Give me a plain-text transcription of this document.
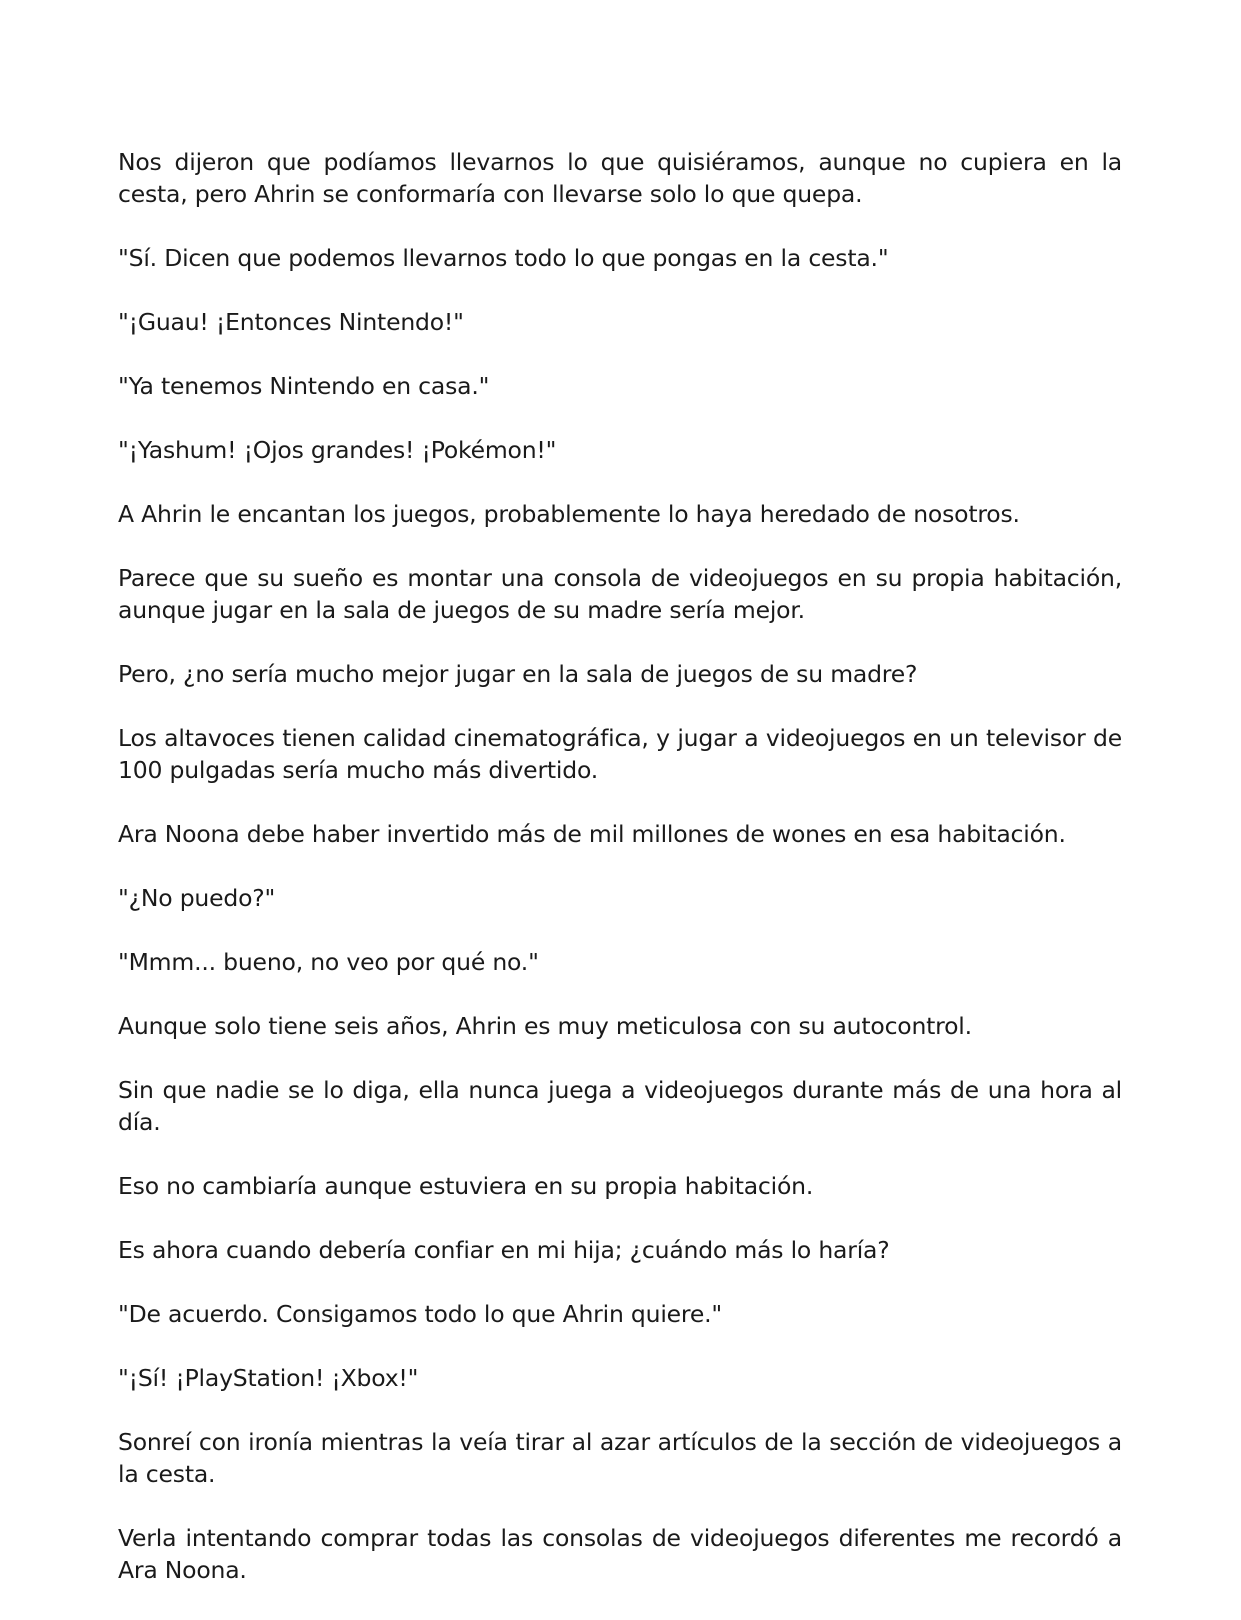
Nos dijeron que podíamos llevarnos lo que quisiéramos, aunque no cupiera en la cesta, pero Ahrin se conformaría con llevarse solo lo que quepa.

"Sí. Dicen que podemos llevarnos todo lo que pongas en la cesta."

"¡Guau! ¡Entonces Nintendo!"

"Ya tenemos Nintendo en casa."

"¡Yashum! ¡Ojos grandes! ¡Pokémon!"

A Ahrin le encantan los juegos, probablemente lo haya heredado de nosotros.

Parece que su sueño es montar una consola de videojuegos en su propia habitación, aunque jugar en la sala de juegos de su madre sería mejor.

Pero, ¿no sería mucho mejor jugar en la sala de juegos de su madre?

Los altavoces tienen calidad cinematográfica, y jugar a videojuegos en un televisor de 100 pulgadas sería mucho más divertido.

Ara Noona debe haber invertido más de mil millones de wones en esa habitación.

"¿No puedo?"

"Mmm... bueno, no veo por qué no."

Aunque solo tiene seis años, Ahrin es muy meticulosa con su autocontrol.

Sin que nadie se lo diga, ella nunca juega a videojuegos durante más de una hora al día.

Eso no cambiaría aunque estuviera en su propia habitación.

Es ahora cuando debería confiar en mi hija; ¿cuándo más lo haría?

"De acuerdo. Consigamos todo lo que Ahrin quiere."

"¡Sí! ¡PlayStation! ¡Xbox!"

Sonreí con ironía mientras la veía tirar al azar artículos de la sección de videojuegos a la cesta.

Verla intentando comprar todas las consolas de videojuegos diferentes me recordó a Ara Noona.
